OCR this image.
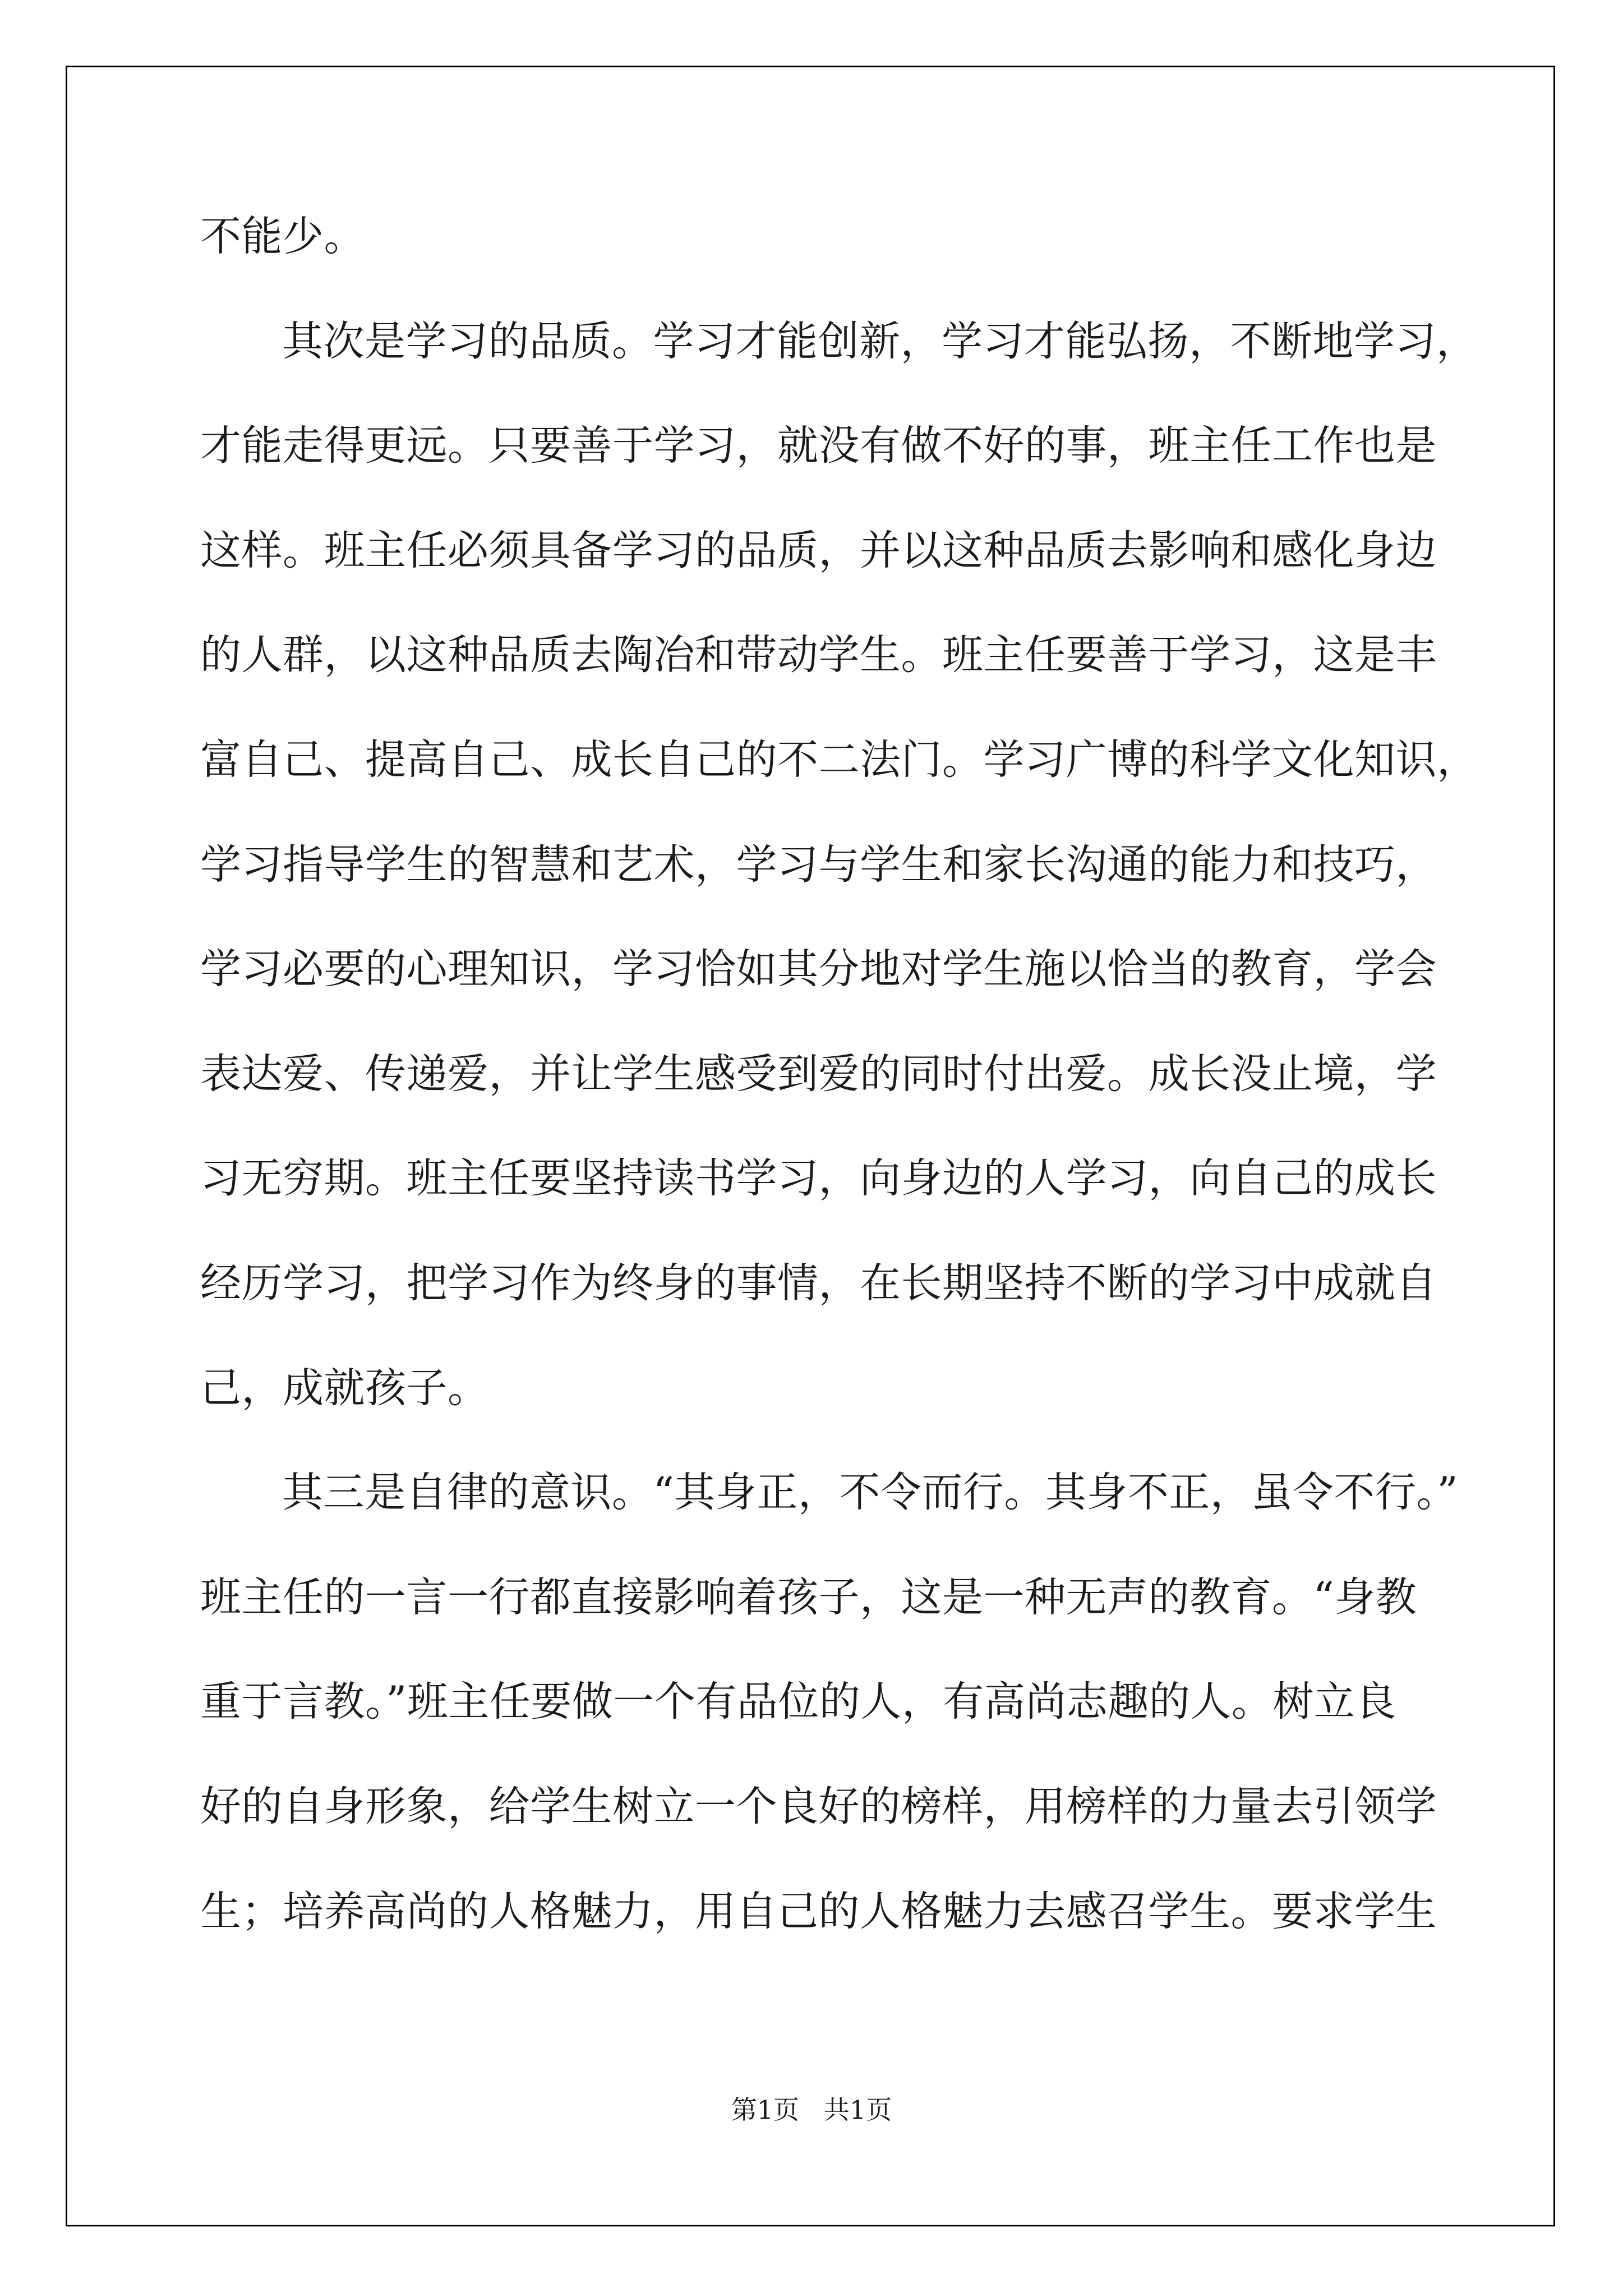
不能少。
其次是学习的品质。学习才能创新，学习才能弘扬，不断地学习，
才能走得更远。只要善于学习，就没有做不好的事，班主任工作也是
这样。班主任必须具备学习的品质，并以这种品质去影响和感化身边
的人群，以这种品质去陶冶和带动学生。班主任要善于学习，这是丰
富自己、提高自己、成长自己的不二法门。学习广博的科学文化知识，
学习指导学生的智慧和艺术，学习与学生和家长沟通的能力和技巧，
学习必要的心理知识，学习恰如其分地对学生施以恰当的教育，学会
表达爱、传递爱，并让学生感受到爱的同时付出爱。成长没止境，学
习无穷期。班主任要坚持读书学习，向身边的人学习，向自己的成长
经历学习，把学习作为终身的事情，在长期坚持不断的学习中成就自
己，成就孩子。
其三是自律的意识。“其身正，不令而行。其身不正，虽令不行。”
班主任的一言一行都直接影响着孩子，这是一种无声的教育。“身教
重于言教。”班主任要做一个有品位的人，有高尚志趣的人。树立良
好的自身形象，给学生树立一个良好的榜样，用榜样的力量去引领学
生；培养高尚的人格魅力，用自己的人格魅力去感召学生。要求学生
第1页   共1页
